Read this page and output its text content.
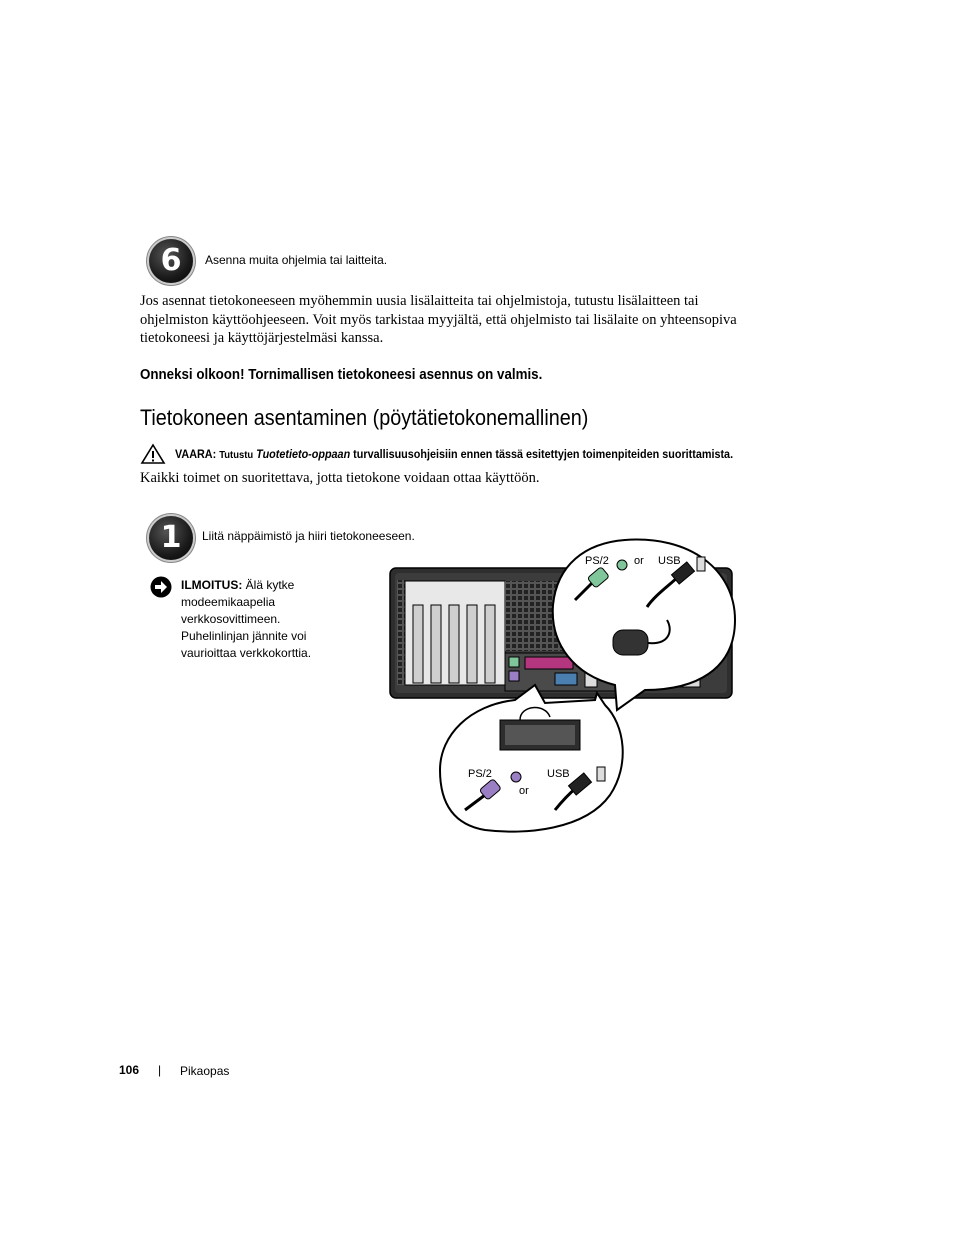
6	Asenna muita ohjelmia tai laitteita.
Jos asennat tietokoneeseen myöhemmin uusia lisälaitteita tai ohjelmistoja, tutustu lisälaitteen tai
ohjelmiston käyttöohjeeseen. Voit myös tarkistaa myyjältä, että ohjelmisto tai lisälaite on yhteensopiva
tietokoneesi ja käyttöjärjestelmäsi kanssa.
Onneksi olkoon! Tornimallisen tietokoneesi asennus on valmis.
Tietokoneen asentaminen (pöytätietokonemallinen)
VAARA: Tutustu Tuotetieto-oppaan turvallisuusohjeisiin ennen tässä esitettyjen toimenpiteiden suorittamista.
Kaikki toimet on suoritettava, jotta tietokone voidaan ottaa käyttöön.
1	Liitä näppäimistö ja hiiri tietokoneeseen.
ILMOITUS: Älä kytke
modeemikaapelia
verkkosovittimeen.
Puhelinlinjan jännite voi
vaurioittaa verkkokorttia.
PS/2 or USB
PS/2
or
USB
106 | Pikaopas
